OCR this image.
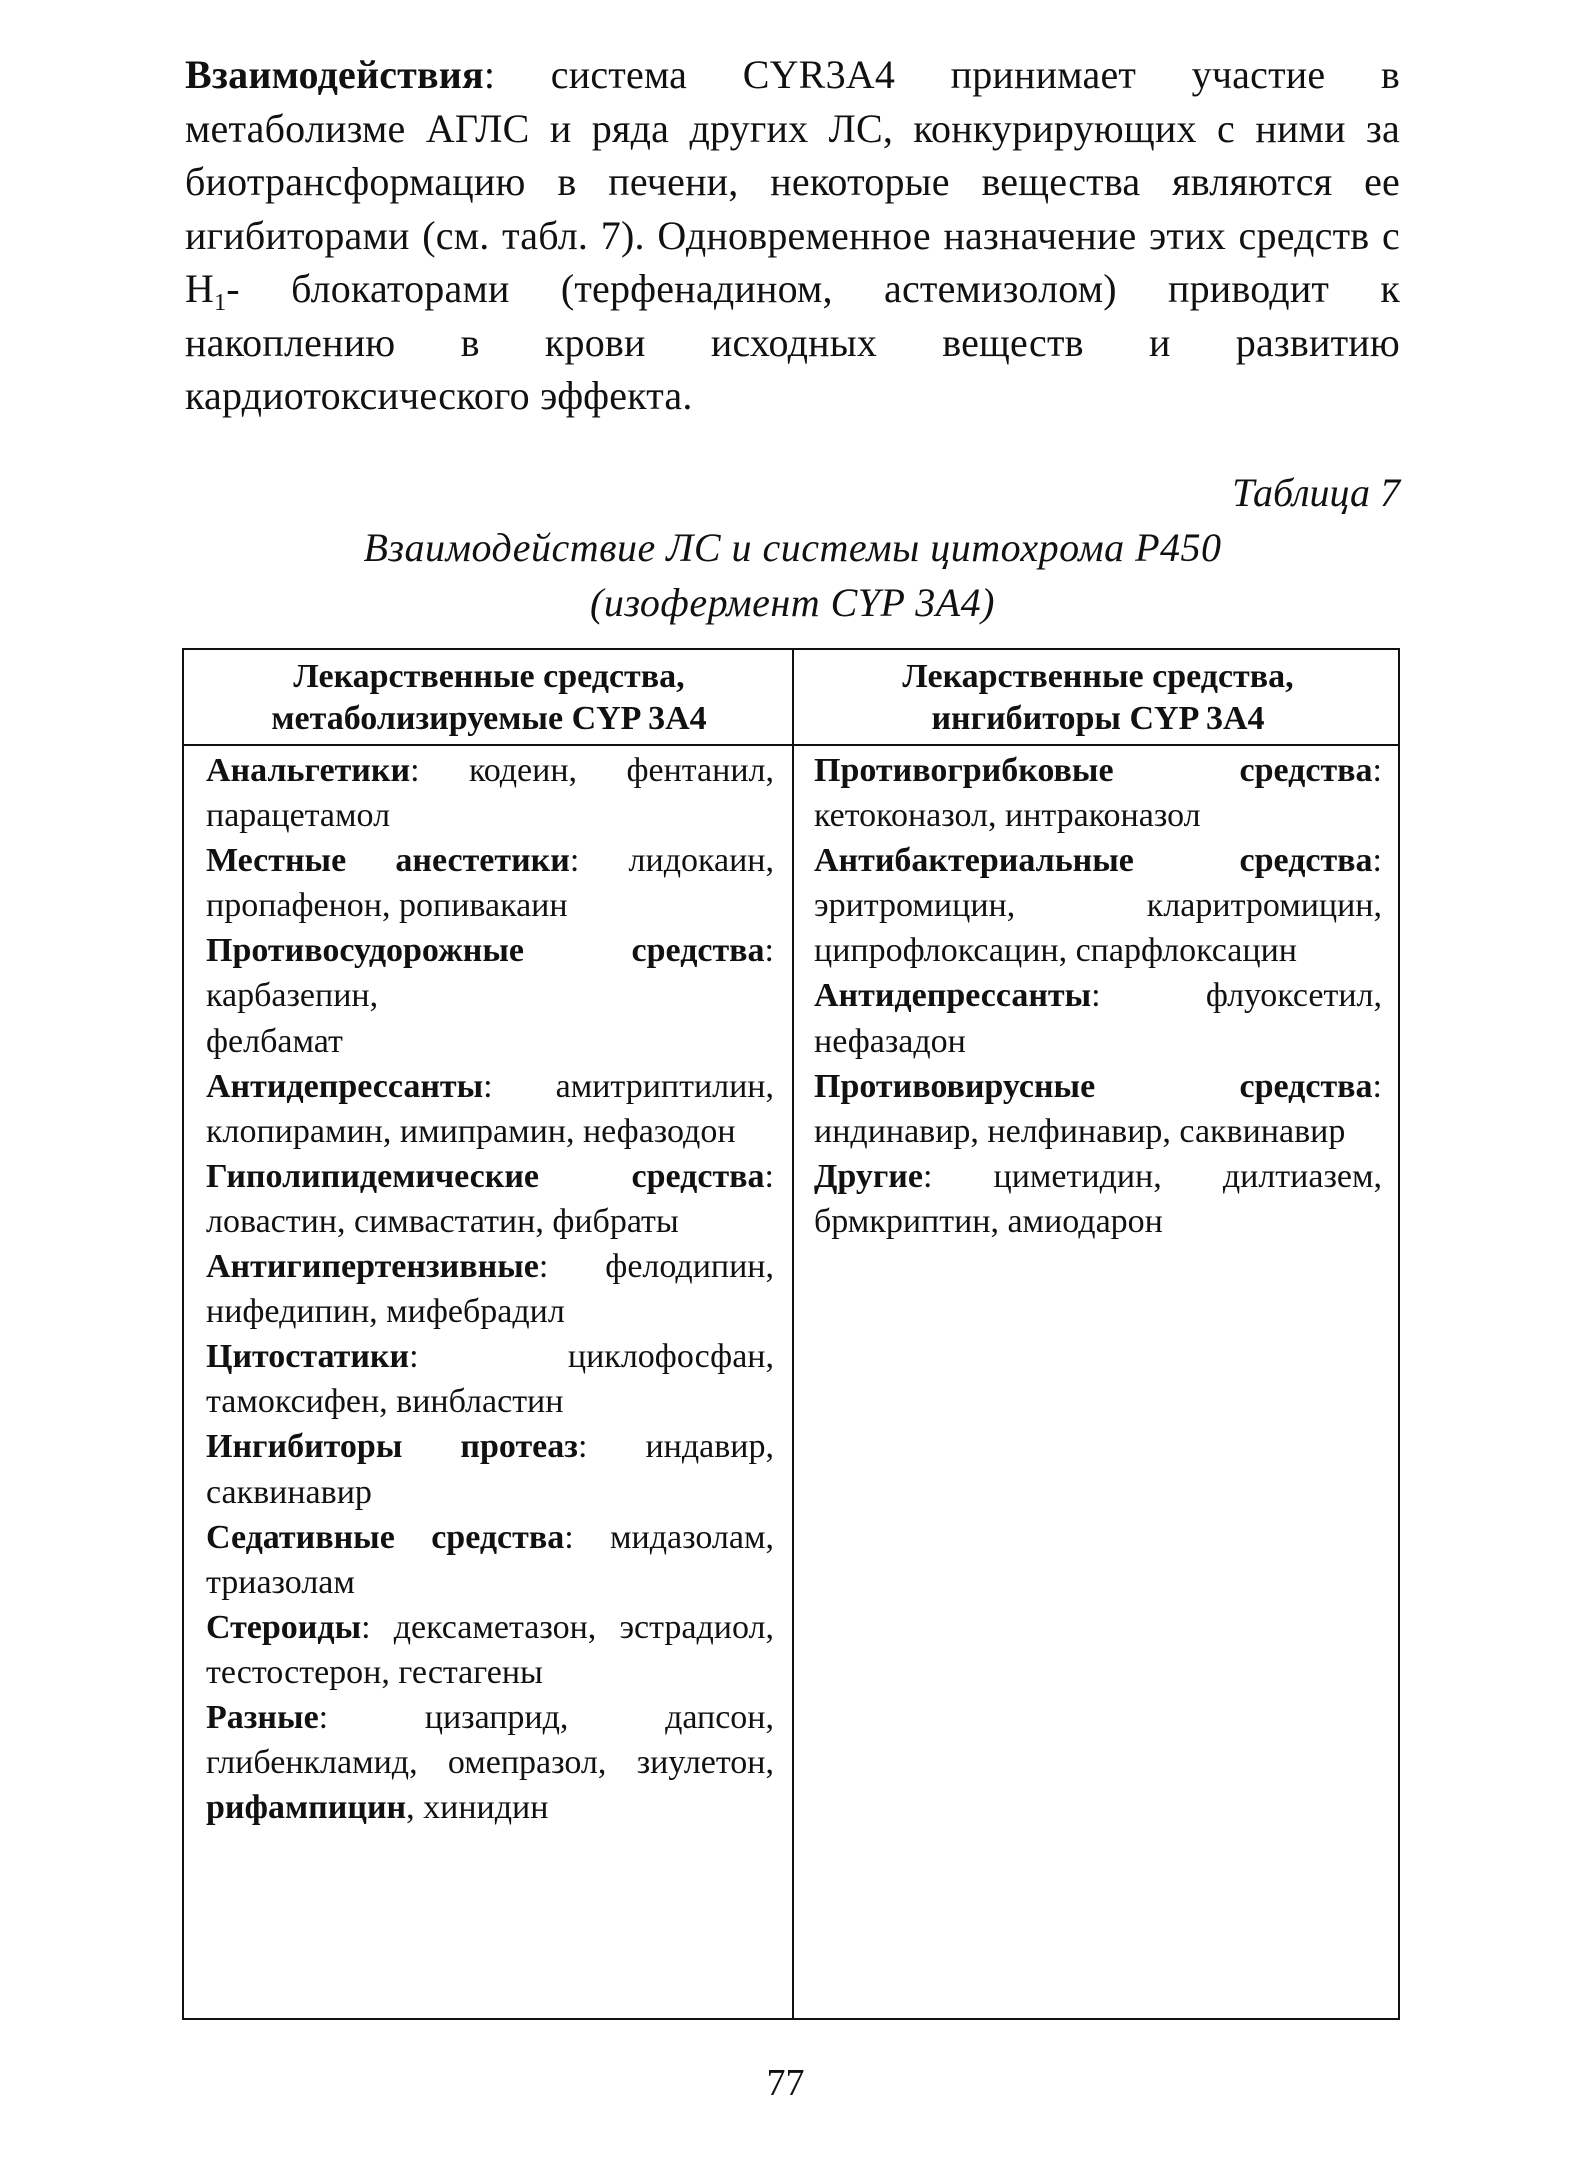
Взаимодействия: система CYR3A4 принимает участие в метаболизме АГЛС и ряда других ЛС, конкурирующих с ними за биотрансформацию в печени, некоторые вещества являются ее игибиторами (см. табл. 7). Одновременное назначение этих средств с $Н_1-$ блокаторами (терфенадином, астемизолом) приводит к накоплению в крови исходных веществ и развитию кардиотоксического эффекта.
Таблица 7
Взаимодействие ЛС и системы цитохрома Р450
(изофермент CYP 3A4)
Лекарственные средства,
метаболизируемые CYP 3A4
Лекарственные средства,
ингибиторы CYP 3A4

Анальгетики: кодеин, фентанил, парацетамол

Местные анестетики: лидокаин, пропафенон, ропивакаин

Противосудорожные средства: карбазепин,

фелбамат

Антидепрессанты: амитриптилин, клопирамин, имипрамин, нефазодон

Гиполипидемические средства: ловастин, симвастатин, фибраты

Антигипертензивные: фелодипин, нифедипин, мифебрадил

Цитостатики: циклофосфан, тамоксифен, винбластин

Ингибиторы протеаз: индавир, саквинавир

Седативные средства: мидазолам, триазолам

Стероиды: дексаметазон, эстрадиол, тестостерон, гестагены

Разные: цизаприд, дапсон, глибенкламид, омепразол, зиулетон, рифампицин, хинидин

Противогрибковые средства: кетоконазол, интраконазол

Антибактериальные средства: эритромицин, кларитромицин, ципрофлоксацин, спарфлоксацин

Антидепрессанты: флуоксетил, нефазадон

Противовирусные средства: индинавир, нелфинавир, саквинавир

Другие: циметидин, дилтиазем, брмкриптин, амиодарон

77
